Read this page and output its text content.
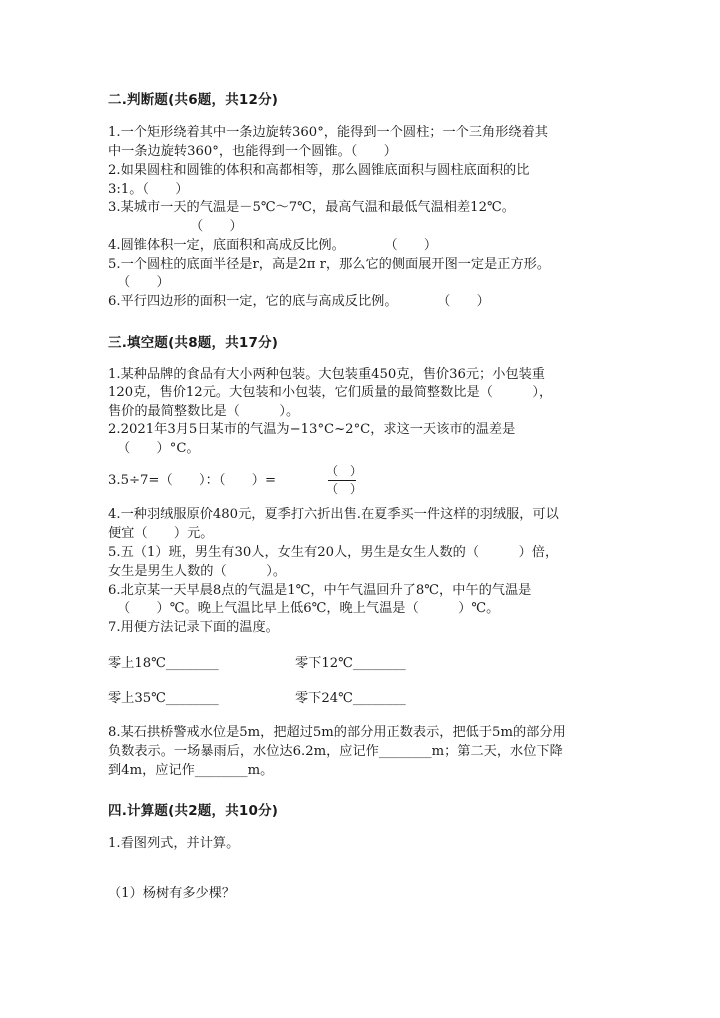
二.判断题(共6题，共12分)
1.一个矩形绕着其中一条边旋转360°，能得到一个圆柱；一个三角形绕着其
中一条边旋转360°，也能得到一个圆锥。（　　）
2.如果圆柱和圆锥的体积和高都相等，那么圆锥底面积与圆柱底面积的比
3:1。（　　）
3.某城市一天的气温是－5℃～7℃，最高气温和最低气温相差12℃。
（　　）
4.圆锥体积一定，底面积和高成反比例。　　　　（　　）
5.一个圆柱的底面半径是r，高是2π r，那么它的侧面展开图一定是正方形。
（　　）
6.平行四边形的面积一定，它的底与高成反比例。　　　　（　　）
三.填空题(共8题，共17分)
1.某种品牌的食品有大小两种包装。大包装重450克，售价36元；小包装重
120克，售价12元。大包装和小包装，它们质量的最简整数比是（　　　），
售价的最简整数比是（　　　）。
2.2021年3月5日某市的气温为−13°C~2°C，求这一天该市的温差是
（　　）°C。
3.5÷7=（　　）：（　　）=
（　）
（　）
4.一种羽绒服原价480元，夏季打六折出售.在夏季买一件这样的羽绒服，可以
便宜（　　）元。
5.五（1）班，男生有30人，女生有20人，男生是女生人数的（　　　）倍，
女生是男生人数的（　　　）。
6.北京某一天早晨8点的气温是1℃，中午气温回升了8℃，中午的气温是
（　　）℃。晚上气温比早上低6℃，晚上气温是（　　　）℃。
7.用便方法记录下面的温度。
零上18℃________	零下12℃________
零上35℃________	零下24℃________
8.某石拱桥警戒水位是5m，把超过5m的部分用正数表示，把低于5m的部分用
负数表示。一场暴雨后，水位达6.2m，应记作________m；第二天，水位下降
到4m，应记作________m。
四.计算题(共2题，共10分)
1.看图列式，并计算。
（1）杨树有多少棵？
